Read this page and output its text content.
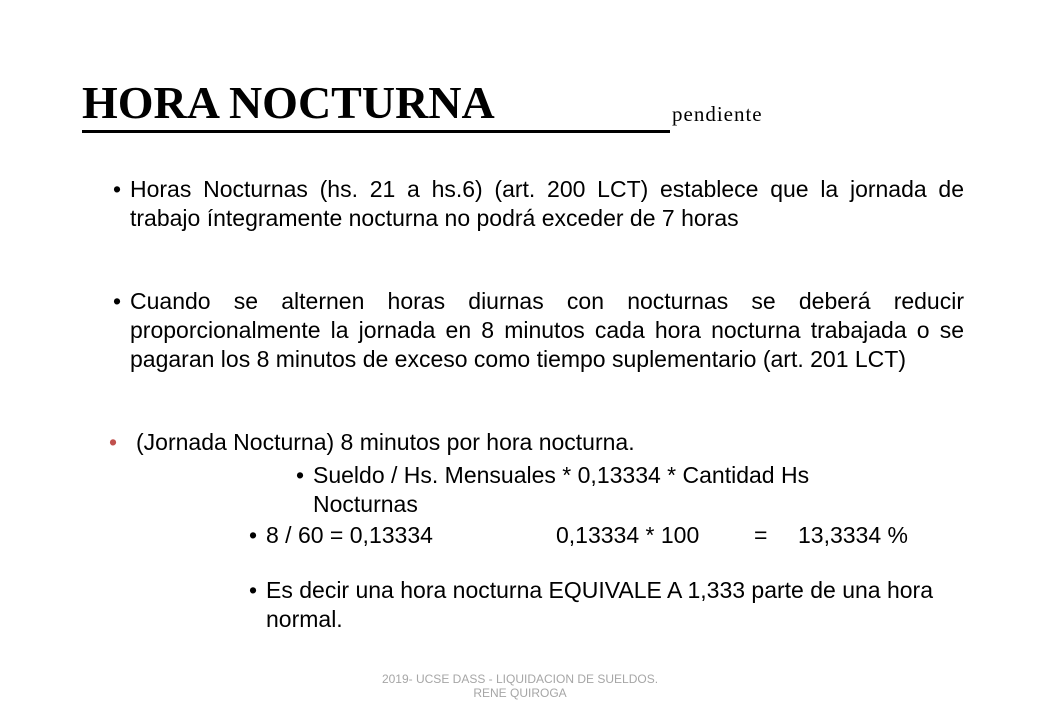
HORA NOCTURNA	pendiente
• Horas Nocturnas (hs. 21 a hs.6) (art. 200 LCT) establece que la jornada de trabajo íntegramente nocturna no podrá exceder de 7 horas
• Cuando se alternen horas diurnas con nocturnas se deberá reducir proporcionalmente la jornada en 8 minutos cada hora nocturna trabajada o se pagaran los 8 minutos de exceso como tiempo suplementario (art. 201 LCT)
• (Jornada Nocturna) 8 minutos por hora nocturna.
• Sueldo / Hs. Mensuales * 0,13334 * Cantidad Hs
Nocturnas
• 8 / 60 = 0,13334	0,13334 * 100 = 13,3334 %
• Es decir una hora nocturna EQUIVALE A 1,333 parte de una hora normal.
2019- UCSE DASS - LIQUIDACION DE SUELDOS.
RENE QUIROGA
